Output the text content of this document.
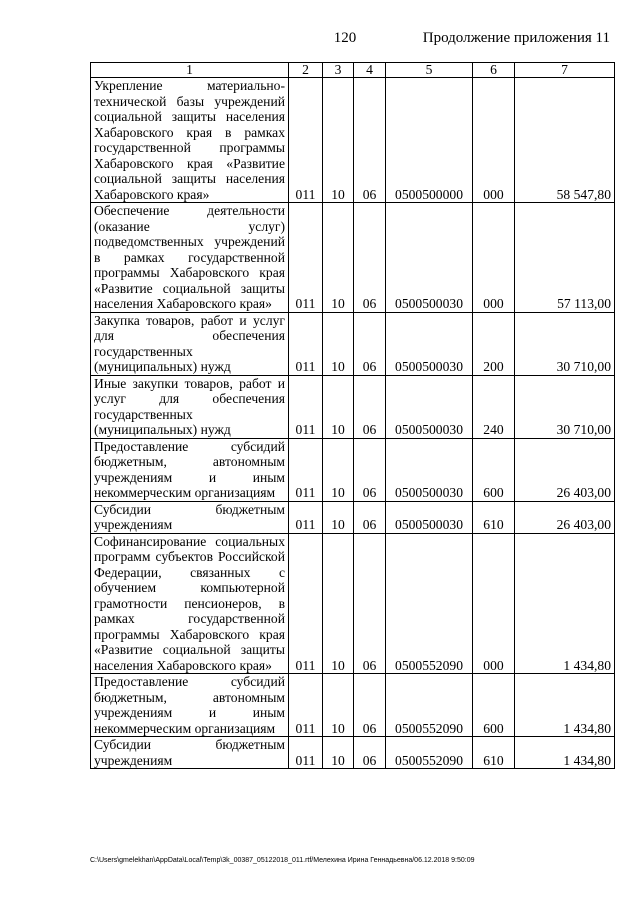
120	Продолжение приложения 11
1	2	3	4	5	6	7
Укрепление материально-технической базы учреждений социальной защиты населения Хабаровского края в рамках государственной программы Хабаровского края «Развитие социальной защиты населения Хабаровского края»	011	10	06	0500500000	000	58 547,80
Обеспечение деятельности (оказание услуг) подведомственных учреждений в рамках государственной программы Хабаровского края «Развитие социальной защиты населения Хабаровского края»	011	10	06	0500500030	000	57 113,00
Закупка товаров, работ и услуг для обеспечения государственных (муниципальных) нужд	011	10	06	0500500030	200	30 710,00
Иные закупки товаров, работ и услуг для обеспечения государственных (муниципальных) нужд	011	10	06	0500500030	240	30 710,00
Предоставление субсидий бюджетным, автономным учреждениям и иным некоммерческим организациям	011	10	06	0500500030	600	26 403,00
Субсидии бюджетным учреждениям	011	10	06	0500500030	610	26 403,00
Софинансирование социальных программ субъектов Российской Федерации, связанных с обучением компьютерной грамотности пенсионеров, в рамках государственной программы Хабаровского края «Развитие социальной защиты населения Хабаровского края»	011	10	06	0500552090	000	1 434,80
Предоставление субсидий бюджетным, автономным учреждениям и иным некоммерческим организациям	011	10	06	0500552090	600	1 434,80
Субсидии бюджетным учреждениям	011	10	06	0500552090	610	1 434,80
C:\Users\gmelekhan\AppData\Local\Temp\3k_00387_05122018_011.rtf/Мелехина Ирина Геннадьевна/06.12.2018 9:50:09
